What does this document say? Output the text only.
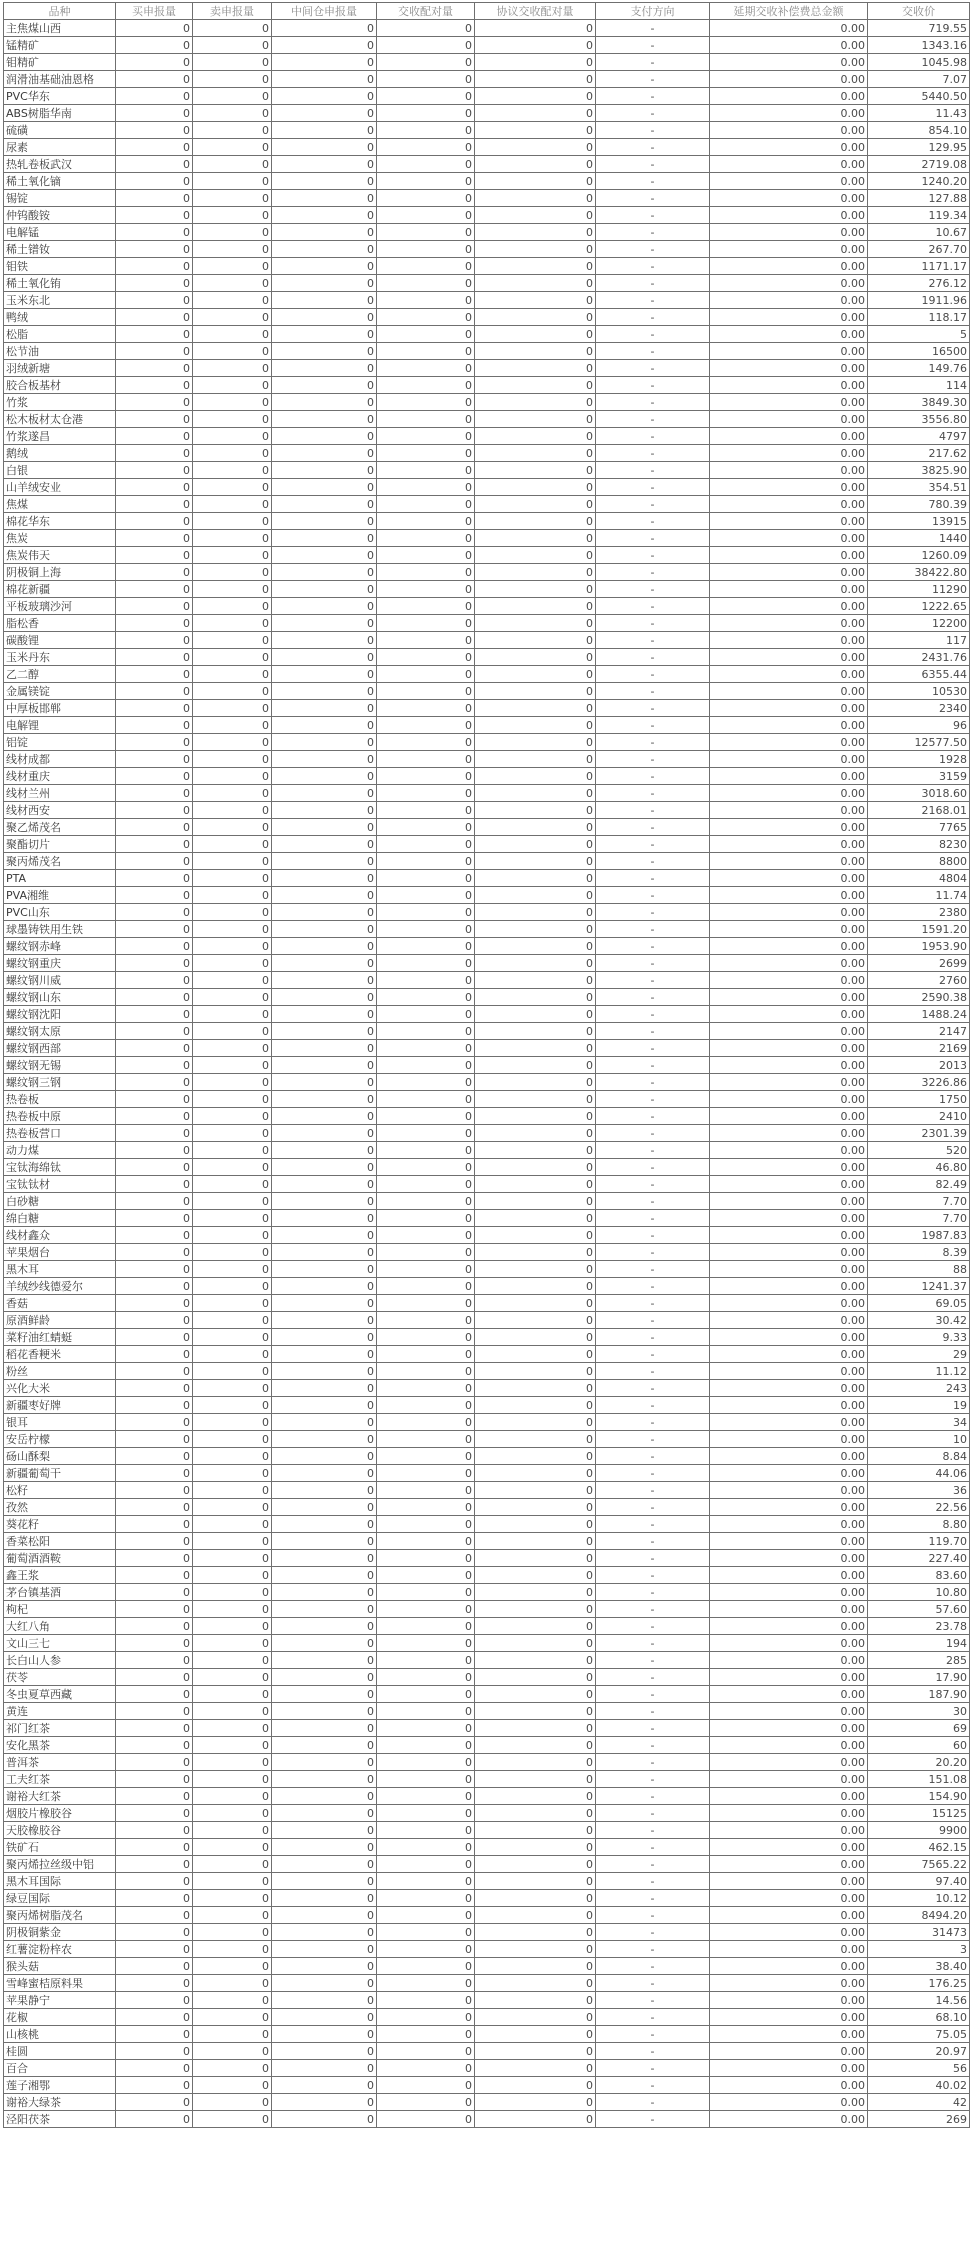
品种	买申报量	卖申报量	中间仓申报量	交收配对量	协议交收配对量	支付方向	延期交收补偿费总金额	交收价
主焦煤山西	0	0	0	0	0	-	0.00	719.55
锰精矿	0	0	0	0	0	-	0.00	1343.16
钼精矿	0	0	0	0	0	-	0.00	1045.98
润滑油基础油恩格	0	0	0	0	0	-	0.00	7.07
PVC华东	0	0	0	0	0	-	0.00	5440.50
ABS树脂华南	0	0	0	0	0	-	0.00	11.43
硫磺	0	0	0	0	0	-	0.00	854.10
尿素	0	0	0	0	0	-	0.00	129.95
热轧卷板武汉	0	0	0	0	0	-	0.00	2719.08
稀土氧化镝	0	0	0	0	0	-	0.00	1240.20
锡锭	0	0	0	0	0	-	0.00	127.88
仲钨酸铵	0	0	0	0	0	-	0.00	119.34
电解锰	0	0	0	0	0	-	0.00	10.67
稀土镨钕	0	0	0	0	0	-	0.00	267.70
钼铁	0	0	0	0	0	-	0.00	1171.17
稀土氧化铕	0	0	0	0	0	-	0.00	276.12
玉米东北	0	0	0	0	0	-	0.00	1911.96
鸭绒	0	0	0	0	0	-	0.00	118.17
松脂	0	0	0	0	0	-	0.00	5
松节油	0	0	0	0	0	-	0.00	16500
羽绒新塘	0	0	0	0	0	-	0.00	149.76
胶合板基材	0	0	0	0	0	-	0.00	114
竹浆	0	0	0	0	0	-	0.00	3849.30
松木板材太仓港	0	0	0	0	0	-	0.00	3556.80
竹浆遂昌	0	0	0	0	0	-	0.00	4797
鹅绒	0	0	0	0	0	-	0.00	217.62
白银	0	0	0	0	0	-	0.00	3825.90
山羊绒安业	0	0	0	0	0	-	0.00	354.51
焦煤	0	0	0	0	0	-	0.00	780.39
棉花华东	0	0	0	0	0	-	0.00	13915
焦炭	0	0	0	0	0	-	0.00	1440
焦炭伟天	0	0	0	0	0	-	0.00	1260.09
阴极铜上海	0	0	0	0	0	-	0.00	38422.80
棉花新疆	0	0	0	0	0	-	0.00	11290
平板玻璃沙河	0	0	0	0	0	-	0.00	1222.65
脂松香	0	0	0	0	0	-	0.00	12200
碳酸锂	0	0	0	0	0	-	0.00	117
玉米丹东	0	0	0	0	0	-	0.00	2431.76
乙二醇	0	0	0	0	0	-	0.00	6355.44
金属镁锭	0	0	0	0	0	-	0.00	10530
中厚板邯郸	0	0	0	0	0	-	0.00	2340
电解锂	0	0	0	0	0	-	0.00	96
铝锭	0	0	0	0	0	-	0.00	12577.50
线材成都	0	0	0	0	0	-	0.00	1928
线材重庆	0	0	0	0	0	-	0.00	3159
线材兰州	0	0	0	0	0	-	0.00	3018.60
线材西安	0	0	0	0	0	-	0.00	2168.01
聚乙烯茂名	0	0	0	0	0	-	0.00	7765
聚酯切片	0	0	0	0	0	-	0.00	8230
聚丙烯茂名	0	0	0	0	0	-	0.00	8800
PTA	0	0	0	0	0	-	0.00	4804
PVA湘维	0	0	0	0	0	-	0.00	11.74
PVC山东	0	0	0	0	0	-	0.00	2380
球墨铸铁用生铁	0	0	0	0	0	-	0.00	1591.20
螺纹钢赤峰	0	0	0	0	0	-	0.00	1953.90
螺纹钢重庆	0	0	0	0	0	-	0.00	2699
螺纹钢川威	0	0	0	0	0	-	0.00	2760
螺纹钢山东	0	0	0	0	0	-	0.00	2590.38
螺纹钢沈阳	0	0	0	0	0	-	0.00	1488.24
螺纹钢太原	0	0	0	0	0	-	0.00	2147
螺纹钢西部	0	0	0	0	0	-	0.00	2169
螺纹钢无锡	0	0	0	0	0	-	0.00	2013
螺纹钢三钢	0	0	0	0	0	-	0.00	3226.86
热卷板	0	0	0	0	0	-	0.00	1750
热卷板中原	0	0	0	0	0	-	0.00	2410
热卷板营口	0	0	0	0	0	-	0.00	2301.39
动力煤	0	0	0	0	0	-	0.00	520
宝钛海绵钛	0	0	0	0	0	-	0.00	46.80
宝钛钛材	0	0	0	0	0	-	0.00	82.49
白砂糖	0	0	0	0	0	-	0.00	7.70
绵白糖	0	0	0	0	0	-	0.00	7.70
线材鑫众	0	0	0	0	0	-	0.00	1987.83
苹果烟台	0	0	0	0	0	-	0.00	8.39
黑木耳	0	0	0	0	0	-	0.00	88
羊绒纱线德爱尔	0	0	0	0	0	-	0.00	1241.37
香菇	0	0	0	0	0	-	0.00	69.05
原酒鲜龄	0	0	0	0	0	-	0.00	30.42
菜籽油红蜻蜓	0	0	0	0	0	-	0.00	9.33
稻花香粳米	0	0	0	0	0	-	0.00	29
粉丝	0	0	0	0	0	-	0.00	11.12
兴化大米	0	0	0	0	0	-	0.00	243
新疆枣好牌	0	0	0	0	0	-	0.00	19
银耳	0	0	0	0	0	-	0.00	34
安岳柠檬	0	0	0	0	0	-	0.00	10
砀山酥梨	0	0	0	0	0	-	0.00	8.84
新疆葡萄干	0	0	0	0	0	-	0.00	44.06
松籽	0	0	0	0	0	-	0.00	36
孜然	0	0	0	0	0	-	0.00	22.56
葵花籽	0	0	0	0	0	-	0.00	8.80
香菜松阳	0	0	0	0	0	-	0.00	119.70
葡萄酒酒鞍	0	0	0	0	0	-	0.00	227.40
鑫王浆	0	0	0	0	0	-	0.00	83.60
茅台镇基酒	0	0	0	0	0	-	0.00	10.80
枸杞	0	0	0	0	0	-	0.00	57.60
大红八角	0	0	0	0	0	-	0.00	23.78
文山三七	0	0	0	0	0	-	0.00	194
长白山人参	0	0	0	0	0	-	0.00	285
茯苓	0	0	0	0	0	-	0.00	17.90
冬虫夏草西藏	0	0	0	0	0	-	0.00	187.90
黄连	0	0	0	0	0	-	0.00	30
祁门红茶	0	0	0	0	0	-	0.00	69
安化黑茶	0	0	0	0	0	-	0.00	60
普洱茶	0	0	0	0	0	-	0.00	20.20
工夫红茶	0	0	0	0	0	-	0.00	151.08
谢裕大红茶	0	0	0	0	0	-	0.00	154.90
烟胶片橡胶谷	0	0	0	0	0	-	0.00	15125
天胶橡胶谷	0	0	0	0	0	-	0.00	9900
铁矿石	0	0	0	0	0	-	0.00	462.15
聚丙烯拉丝级中铝	0	0	0	0	0	-	0.00	7565.22
黑木耳国际	0	0	0	0	0	-	0.00	97.40
绿豆国际	0	0	0	0	0	-	0.00	10.12
聚丙烯树脂茂名	0	0	0	0	0	-	0.00	8494.20
阴极铜紫金	0	0	0	0	0	-	0.00	31473
红薯淀粉梓农	0	0	0	0	0	-	0.00	3
猴头菇	0	0	0	0	0	-	0.00	38.40
雪峰蜜桔原料果	0	0	0	0	0	-	0.00	176.25
苹果静宁	0	0	0	0	0	-	0.00	14.56
花椒	0	0	0	0	0	-	0.00	68.10
山核桃	0	0	0	0	0	-	0.00	75.05
桂圆	0	0	0	0	0	-	0.00	20.97
百合	0	0	0	0	0	-	0.00	56
莲子湘鄂	0	0	0	0	0	-	0.00	40.02
谢裕大绿茶	0	0	0	0	0	-	0.00	42
泾阳茯茶	0	0	0	0	0	-	0.00	269
